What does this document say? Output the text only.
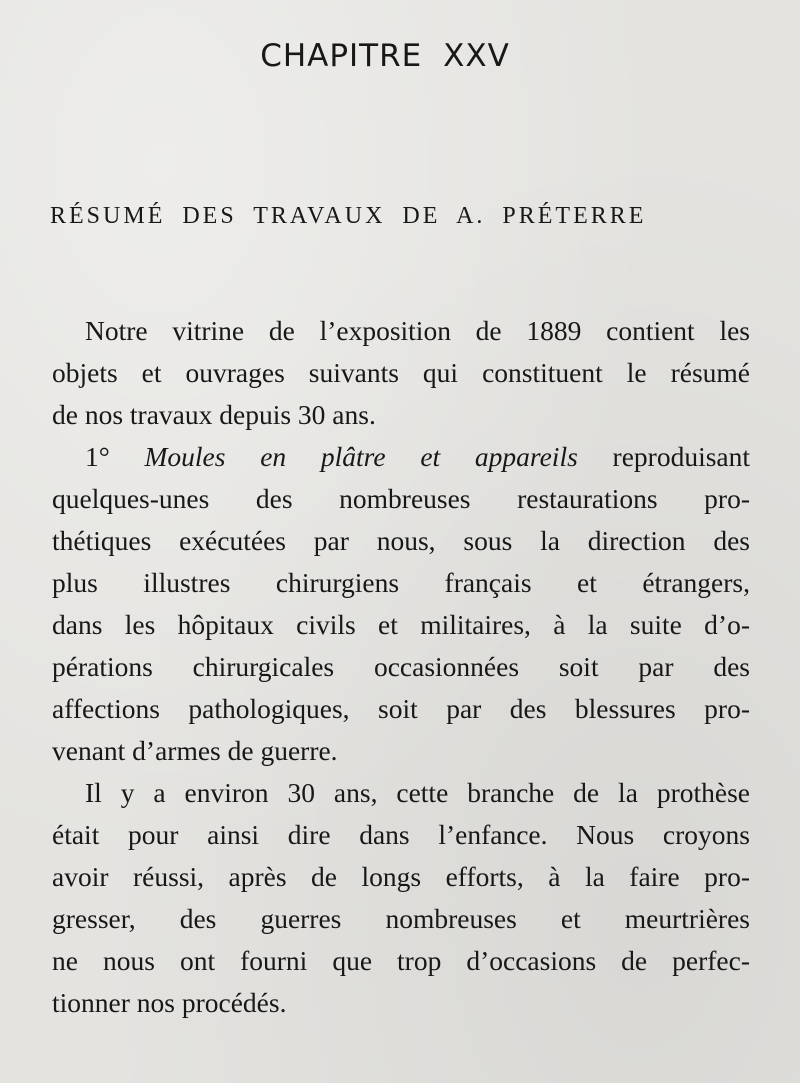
CHAPITRE XXV
RÉSUMÉ DES TRAVAUX DE A. PRÉTERRE
Notre vitrine de l’exposition de 1889 contient les
objets et ouvrages suivants qui constituent le résumé
de nos travaux depuis 30 ans.
1° Moules en plâtre et appareils reproduisant
quelques-unes des nombreuses restaurations pro-
thétiques exécutées par nous, sous la direction des
plus illustres chirurgiens français et étrangers,
dans les hôpitaux civils et militaires, à la suite d’o-
pérations chirurgicales occasionnées soit par des
affections pathologiques, soit par des blessures pro-
venant d’armes de guerre.
Il y a environ 30 ans, cette branche de la prothèse
était pour ainsi dire dans l’enfance. Nous croyons
avoir réussi, après de longs efforts, à la faire pro-
gresser, des guerres nombreuses et meurtrières
ne nous ont fourni que trop d’occasions de perfec-
tionner nos procédés.
